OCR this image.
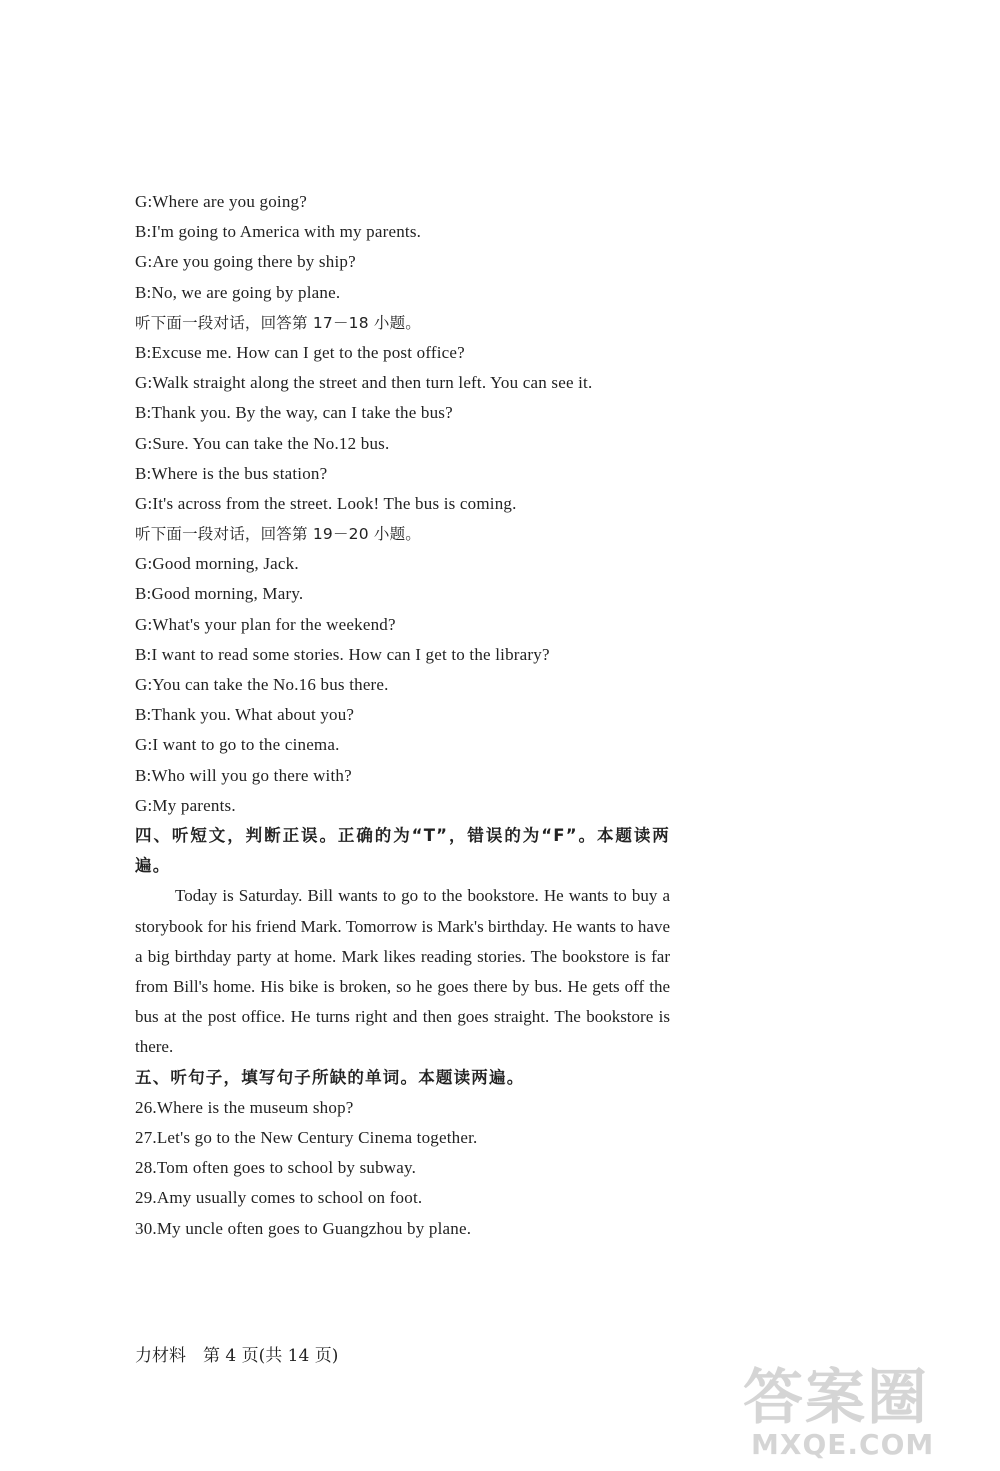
G:Where are you going?
B:I'm going to America with my parents.
G:Are you going there by ship?
B:No, we are going by plane.
听下面一段对话，回答第 17－18 小题。
B:Excuse me. How can I get to the post office?
G:Walk straight along the street and then turn left. You can see it.
B:Thank you. By the way, can I take the bus?
G:Sure. You can take the No.12 bus.
B:Where is the bus station?
G:It's across from the street. Look! The bus is coming.
听下面一段对话，回答第 19－20 小题。
G:Good morning, Jack.
B:Good morning, Mary.
G:What's your plan for the weekend?
B:I want to read some stories. How can I get to the library?
G:You can take the No.16 bus there.
B:Thank you. What about you?
G:I want to go to the cinema.
B:Who will you go there with?
G:My parents.
四、听短文，判断正误。正确的为“T”，错误的为“F”。本题读两遍。
Today is Saturday. Bill wants to go to the bookstore. He wants to buy a storybook for his friend Mark. Tomorrow is Mark's birthday. He wants to have a big birthday party at home. Mark likes reading stories. The bookstore is far from Bill's home. His bike is broken, so he goes there by bus. He gets off the bus at the post office. He turns right and then goes straight. The bookstore is there.
五、听句子，填写句子所缺的单词。本题读两遍。
26.Where is the museum shop?
27.Let's go to the New Century Cinema together.
28.Tom often goes to school by subway.
29.Amy usually comes to school on foot.
30.My uncle often goes to Guangzhou by plane.
力材料　第 4 页(共 14 页)
答案圈
MXQE.COM
